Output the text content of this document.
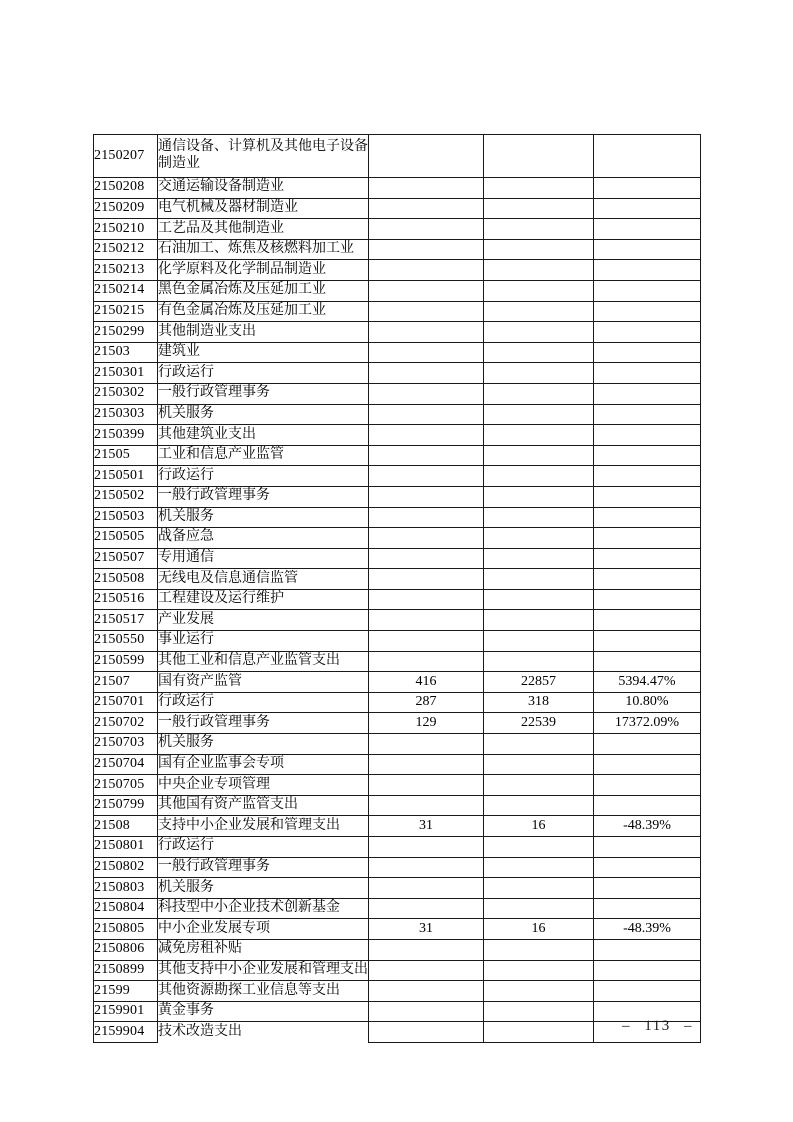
2150207	通信设备、计算机及其他电子设备制造业			
2150208	交通运输设备制造业			
2150209	电气机械及器材制造业			
2150210	工艺品及其他制造业			
2150212	石油加工、炼焦及核燃料加工业			
2150213	化学原料及化学制品制造业			
2150214	黑色金属冶炼及压延加工业			
2150215	有色金属冶炼及压延加工业			
2150299	其他制造业支出			
21503	建筑业			
2150301	行政运行			
2150302	一般行政管理事务			
2150303	机关服务			
2150399	其他建筑业支出			
21505	工业和信息产业监管			
2150501	行政运行			
2150502	一般行政管理事务			
2150503	机关服务			
2150505	战备应急			
2150507	专用通信			
2150508	无线电及信息通信监管			
2150516	工程建设及运行维护			
2150517	产业发展			
2150550	事业运行			
2150599	其他工业和信息产业监管支出			
21507	国有资产监管	416	22857	5394.47%
2150701	行政运行	287	318	10.80%
2150702	一般行政管理事务	129	22539	17372.09%
2150703	机关服务			
2150704	国有企业监事会专项			
2150705	中央企业专项管理			
2150799	其他国有资产监管支出			
21508	支持中小企业发展和管理支出	31	16	-48.39%
2150801	行政运行			
2150802	一般行政管理事务			
2150803	机关服务			
2150804	科技型中小企业技术创新基金			
2150805	中小企业发展专项	31	16	-48.39%
2150806	减免房租补贴			
2150899	其他支持中小企业发展和管理支出			
21599	其他资源勘探工业信息等支出			
2159901	黄金事务			
2159904	技术改造支出				– 113 –
